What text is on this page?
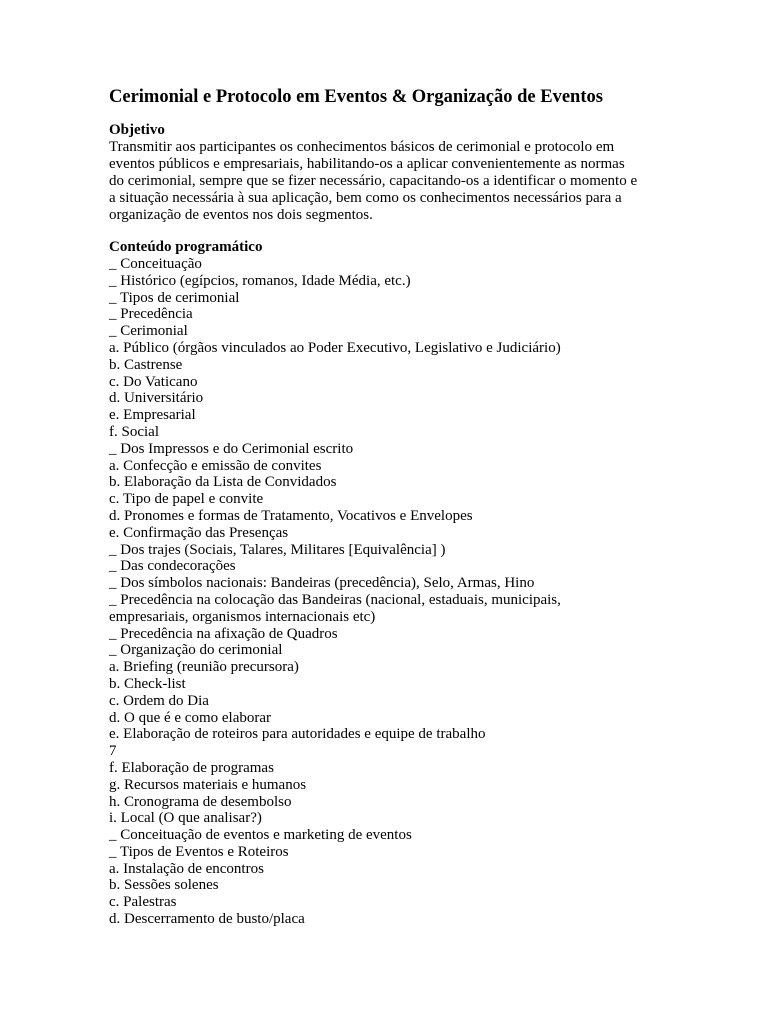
Cerimonial e Protocolo em Eventos & Organização de Eventos
Objetivo
Transmitir aos participantes os conhecimentos básicos de cerimonial e protocolo em
eventos públicos e empresariais, habilitando-os a aplicar convenientemente as normas
do cerimonial, sempre que se fizer necessário, capacitando-os a identificar o momento e
a situação necessária à sua aplicação, bem como os conhecimentos necessários para a
organização de eventos nos dois segmentos.
Conteúdo programático
_ Conceituação
_ Histórico (egípcios, romanos, Idade Média, etc.)
_ Tipos de cerimonial
_ Precedência
_ Cerimonial
a. Público (órgãos vinculados ao Poder Executivo, Legislativo e Judiciário)
b. Castrense
c. Do Vaticano
d. Universitário
e. Empresarial
f. Social
_ Dos Impressos e do Cerimonial escrito
a. Confecção e emissão de convites
b. Elaboração da Lista de Convidados
c. Tipo de papel e convite
d. Pronomes e formas de Tratamento, Vocativos e Envelopes
e. Confirmação das Presenças
_ Dos trajes (Sociais, Talares, Militares [Equivalência] )
_ Das condecorações
_ Dos símbolos nacionais: Bandeiras (precedência), Selo, Armas, Hino
_ Precedência na colocação das Bandeiras (nacional, estaduais, municipais,
empresariais, organismos internacionais etc)
_ Precedência na afixação de Quadros
_ Organização do cerimonial
a. Briefing (reunião precursora)
b. Check-list
c. Ordem do Dia
d. O que é e como elaborar
e. Elaboração de roteiros para autoridades e equipe de trabalho
7
f. Elaboração de programas
g. Recursos materiais e humanos
h. Cronograma de desembolso
i. Local (O que analisar?)
_ Conceituação de eventos e marketing de eventos
_ Tipos de Eventos e Roteiros
a. Instalação de encontros
b. Sessões solenes
c. Palestras
d. Descerramento de busto/placa
